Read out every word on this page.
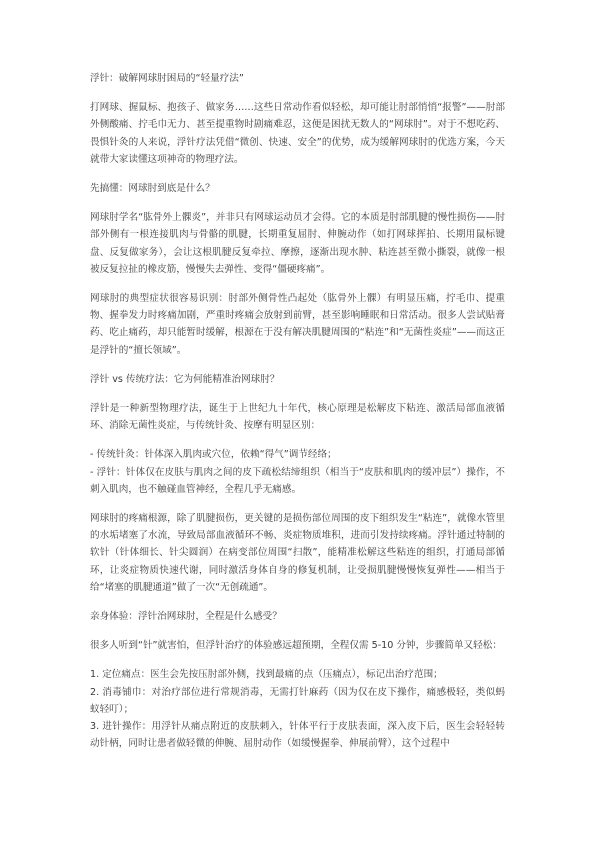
浮针：破解网球肘困局的“轻量疗法”

打网球、握鼠标、抱孩子、做家务……这些日常动作看似轻松，却可能让肘部悄悄“报警”——肘部外侧酸痛、拧毛巾无力、甚至提重物时剧痛难忍，这便是困扰无数人的“网球肘”。对于不想吃药、畏惧针灸的人来说，浮针疗法凭借“微创、快速、安全”的优势，成为缓解网球肘的优选方案，今天就带大家读懂这项神奇的物理疗法。

先搞懂：网球肘到底是什么？

网球肘学名“肱骨外上髁炎”，并非只有网球运动员才会得。它的本质是肘部肌腱的慢性损伤——肘部外侧有一根连接肌肉与骨骼的肌腱，长期重复屈肘、伸腕动作（如打网球挥拍、长期用鼠标键盘、反复做家务），会让这根肌腱反复牵拉、摩擦，逐渐出现水肿、粘连甚至微小撕裂，就像一根被反复拉扯的橡皮筋，慢慢失去弹性、变得“僵硬疼痛”。

网球肘的典型症状很容易识别：肘部外侧骨性凸起处（肱骨外上髁）有明显压痛，拧毛巾、提重物、握拳发力时疼痛加剧，严重时疼痛会放射到前臂，甚至影响睡眠和日常活动。很多人尝试贴膏药、吃止痛药，却只能暂时缓解，根源在于没有解决肌腱周围的“粘连”和“无菌性炎症”——而这正是浮针的“擅长领域”。

浮针 vs 传统疗法：它为何能精准治网球肘？

浮针是一种新型物理疗法，诞生于上世纪九十年代，核心原理是松解皮下粘连、激活局部血液循环、消除无菌性炎症，与传统针灸、按摩有明显区别：

- 传统针灸：针体深入肌肉或穴位，依赖“得气”调节经络；
- 浮针：针体仅在皮肤与肌肉之间的皮下疏松结缔组织（相当于“皮肤和肌肉的缓冲层”）操作，不刺入肌肉，也不触碰血管神经，全程几乎无痛感。

网球肘的疼痛根源，除了肌腱损伤，更关键的是损伤部位周围的皮下组织发生“粘连”，就像水管里的水垢堵塞了水流，导致局部血液循环不畅、炎症物质堆积，进而引发持续疼痛。浮针通过特制的软针（针体细长、针尖圆润）在病变部位周围“扫散”，能精准松解这些粘连的组织，打通局部循环，让炎症物质快速代谢，同时激活身体自身的修复机制，让受损肌腱慢慢恢复弹性——相当于给“堵塞的肌腱通道”做了一次“无创疏通”。

亲身体验：浮针治网球肘，全程是什么感受？

很多人听到“针”就害怕，但浮针治疗的体验感远超预期，全程仅需 5-10 分钟，步骤简单又轻松：

1. 定位痛点：医生会先按压肘部外侧，找到最痛的点（压痛点），标记出治疗范围；
2. 消毒铺巾：对治疗部位进行常规消毒，无需打针麻药（因为仅在皮下操作，痛感极轻，类似蚂蚁轻叮）；
3. 进针操作：用浮针从痛点附近的皮肤刺入，针体平行于皮肤表面，深入皮下后，医生会轻轻转动针柄，同时让患者做轻微的伸腕、屈肘动作（如缓慢握拳、伸展前臂），这个过程中
